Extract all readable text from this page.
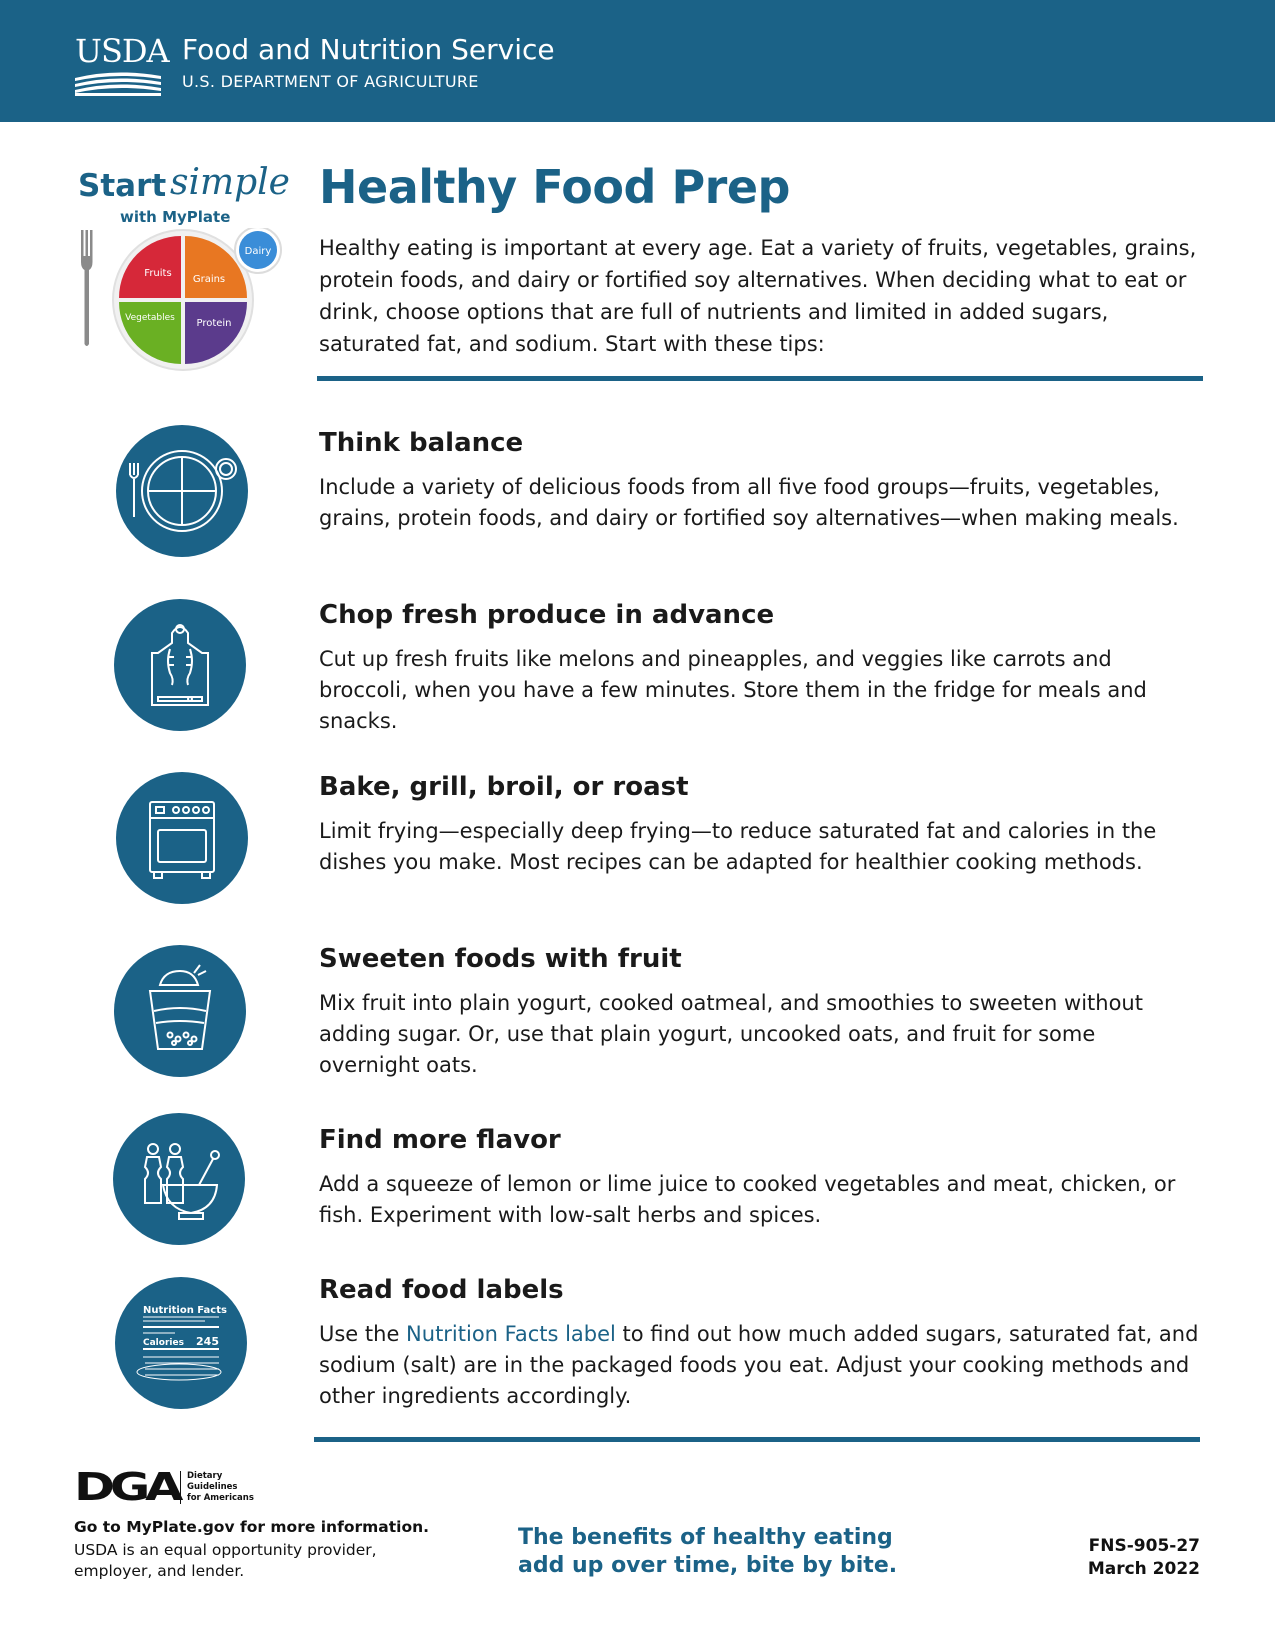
USDA Food and Nutrition Service
U.S. DEPARTMENT OF AGRICULTURE
Start simple
with MyPlate
Fruits
Grains
Vegetables Protein
Dairy
Healthy Food Prep
Healthy eating is important at every age. Eat a variety of fruits, vegetables, grains, protein foods, and dairy or fortified soy alternatives. When deciding what to eat or drink, choose options that are full of nutrients and limited in added sugars, saturated fat, and sodium. Start with these tips:
Think balance
Include a variety of delicious foods from all five food groups—fruits, vegetables, grains, protein foods, and dairy or fortified soy alternatives—when making meals.
Chop fresh produce in advance
Cut up fresh fruits like melons and pineapples, and veggies like carrots and broccoli, when you have a few minutes. Store them in the fridge for meals and snacks.
Bake, grill, broil, or roast
Limit frying—especially deep frying—to reduce saturated fat and calories in the dishes you make. Most recipes can be adapted for healthier cooking methods.
Sweeten foods with fruit
Mix fruit into plain yogurt, cooked oatmeal, and smoothies to sweeten without adding sugar. Or, use that plain yogurt, uncooked oats, and fruit for some overnight oats.
Find more flavor
Add a squeeze of lemon or lime juice to cooked vegetables and meat, chicken, or fish. Experiment with low-salt herbs and spices.
Nutrition Facts
Calories 245
Read food labels
Use the Nutrition Facts label to find out how much added sugars, saturated fat, and sodium (salt) are in the packaged foods you eat. Adjust your cooking methods and other ingredients accordingly.
DGA Dietary
Guidelines
for Americans
Go to MyPlate.gov for more information.
USDA is an equal opportunity provider, employer, and lender.
The benefits of healthy eating
add up over time, bite by bite.
FNS-905-27
March 2022
